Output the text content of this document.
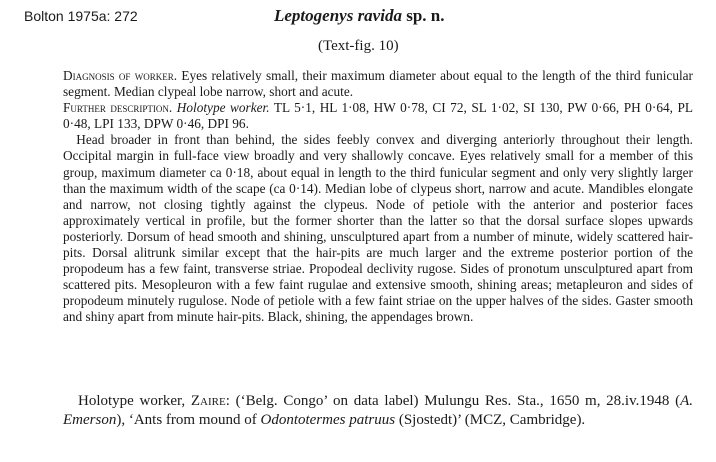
Bolton 1975a: 272	Leptogenys ravida sp. n.
(Text-fig. 10)

Diagnosis of worker. Eyes relatively small, their maximum diameter about equal to the length of the third funicular segment. Median clypeal lobe narrow, short and acute.

Further description. Holotype worker. TL 5·1, HL 1·08, HW 0·78, CI 72, SL 1·02, SI 130, PW 0·66, PH 0·64, PL 0·48, LPI 133, DPW 0·46, DPI 96.

Head broader in front than behind, the sides feebly convex and diverging anteriorly throughout their length. Occipital margin in full-face view broadly and very shallowly concave. Eyes relatively small for a member of this group, maximum diameter ca 0·18, about equal in length to the third funicular segment and only very slightly larger than the maximum width of the scape (ca 0·14). Median lobe of clypeus short, narrow and acute. Mandibles elongate and narrow, not closing tightly against the clypeus. Node of petiole with the anterior and posterior faces approximately vertical in profile, but the former shorter than the latter so that the dorsal surface slopes upwards posteriorly. Dorsum of head smooth and shining, unsculptured apart from a number of minute, widely scattered hair-pits. Dorsal alitrunk similar except that the hair-pits are much larger and the extreme posterior portion of the propodeum has a few faint, transverse striae. Propodeal declivity rugose. Sides of pronotum unsculptured apart from scattered pits. Mesopleuron with a few faint rugulae and extensive smooth, shining areas; metapleuron and sides of propodeum minutely rugulose. Node of petiole with a few faint striae on the upper halves of the sides. Gaster smooth and shiny apart from minute hair-pits. Black, shining, the appendages brown.

Holotype worker, Zaire: (‘Belg. Congo’ on data label) Mulungu Res. Sta., 1650 m, 28.iv.1948 (A. Emerson), ‘Ants from mound of Odontotermes patruus (Sjostedt)’ (MCZ, Cambridge).
